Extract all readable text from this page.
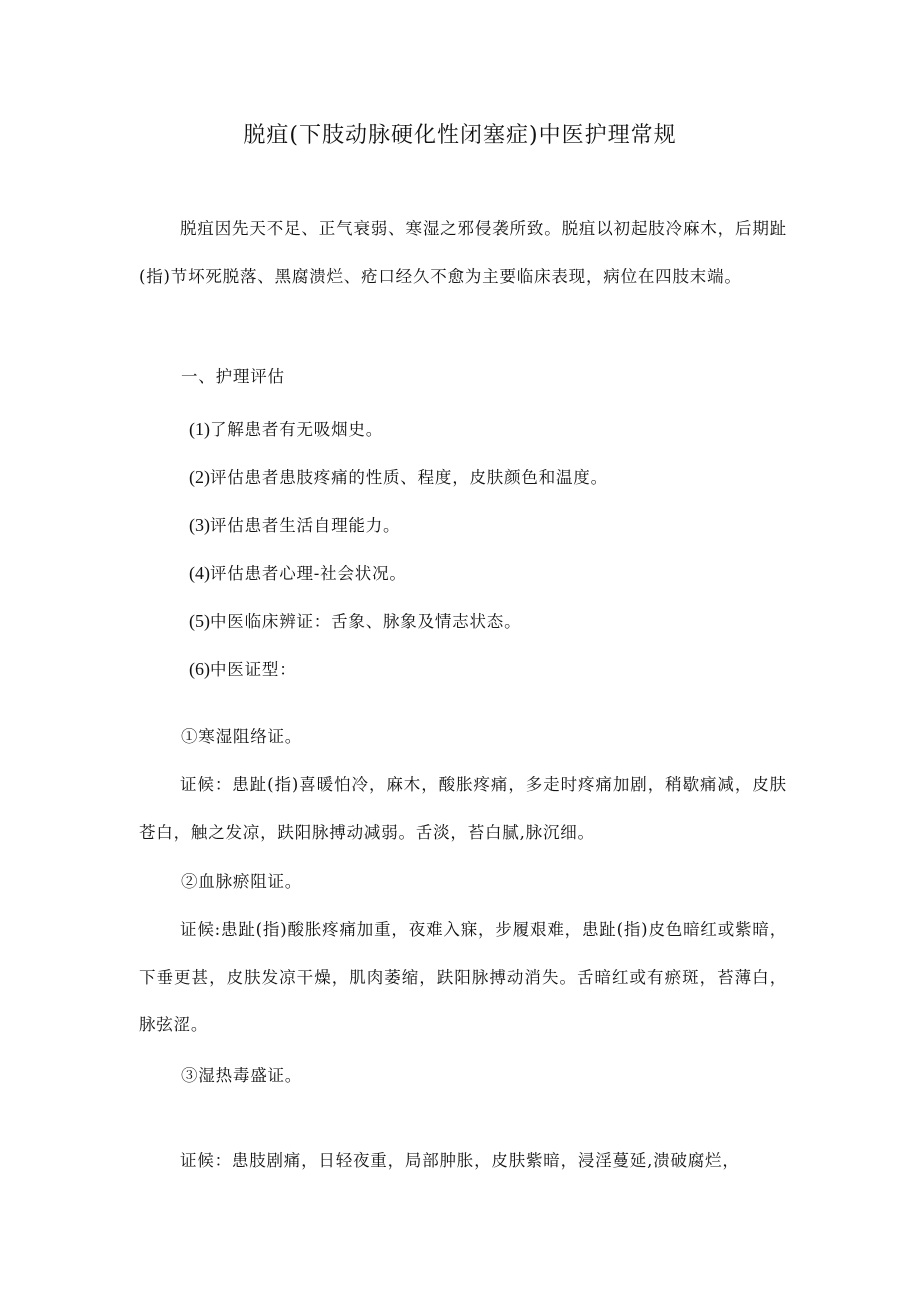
脱疽(下肢动脉硬化性闭塞症)中医护理常规

脱疽因先天不足、正气衰弱、寒湿之邪侵袭所致。脱疽以初起肢冷麻木，后期趾(指)节坏死脱落、黑腐溃烂、疮口经久不愈为主要临床表现，病位在四肢末端。

一、护理评估

(1)了解患者有无吸烟史。

(2)评估患者患肢疼痛的性质、程度，皮肤颜色和温度。

(3)评估患者生活自理能力。

(4)评估患者心理-社会状况。

(5)中医临床辨证：舌象、脉象及情志状态。

(6)中医证型：

①寒湿阻络证。

证候：患趾(指)喜暖怕冷，麻木，酸胀疼痛，多走时疼痛加剧，稍歇痛减，皮肤苍白，触之发凉，趺阳脉搏动减弱。舌淡，苔白腻,脉沉细。

②血脉瘀阻证。

证候:患趾(指)酸胀疼痛加重，夜难入寐，步履艰难，患趾(指)皮色暗红或紫暗，下垂更甚，皮肤发凉干燥，肌肉萎缩，趺阳脉搏动消失。舌暗红或有瘀斑，苔薄白，脉弦涩。

③湿热毒盛证。

证候：患肢剧痛，日轻夜重，局部肿胀，皮肤紫暗，浸淫蔓延,溃破腐烂，
